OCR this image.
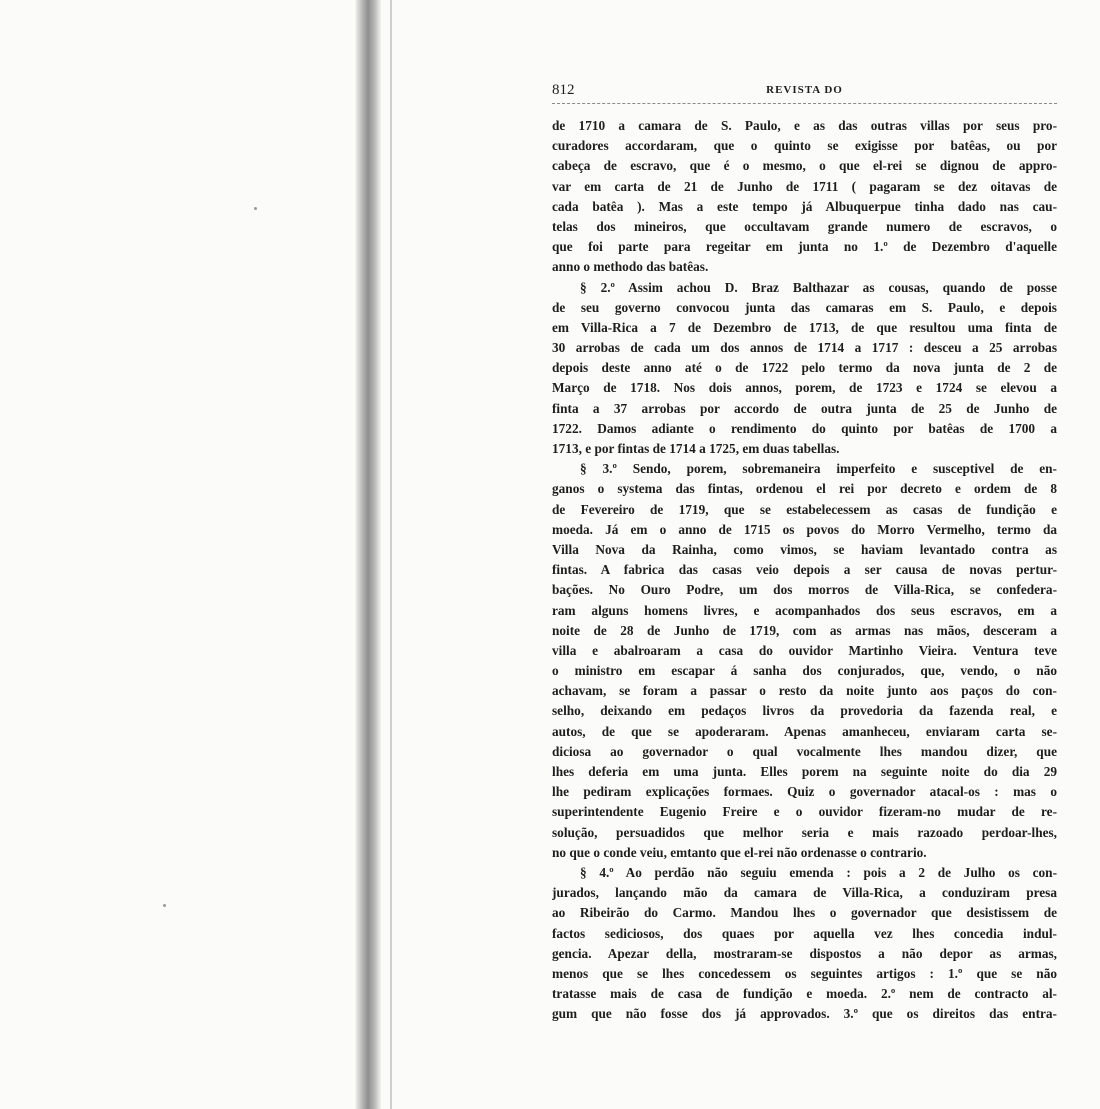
812	REVISTA DO
de 1710 a camara de S. Paulo, e as das outras villas por seus pro-
curadores accordaram, que o quinto se exigisse por batêas, ou por
cabeça de escravo, que é o mesmo, o que el-rei se dignou de appro-
var em carta de 21 de Junho de 1711 ( pagaram se dez oitavas de
cada batêa ). Mas a este tempo já Albuquerpue tinha dado nas cau-
telas dos mineiros, que occultavam grande numero de escravos, o
que foi parte para regeitar em junta no 1.º de Dezembro d'aquelle
anno o methodo das batêas.
§ 2.º Assim achou D. Braz Balthazar as cousas, quando de posse
de seu governo convocou junta das camaras em S. Paulo, e depois
em Villa-Rica a 7 de Dezembro de 1713, de que resultou uma finta de
30 arrobas de cada um dos annos de 1714 a 1717 : desceu a 25 arrobas
depois deste anno até o de 1722 pelo termo da nova junta de 2 de
Março de 1718. Nos dois annos, porem, de 1723 e 1724 se elevou a
finta a 37 arrobas por accordo de outra junta de 25 de Junho de
1722. Damos adiante o rendimento do quinto por batêas de 1700 a
1713, e por fintas de 1714 a 1725, em duas tabellas.
§ 3.º Sendo, porem, sobremaneira imperfeito e susceptivel de en-
ganos o systema das fintas, ordenou el rei por decreto e ordem de 8
de Fevereiro de 1719, que se estabelecessem as casas de fundição e
moeda. Já em o anno de 1715 os povos do Morro Vermelho, termo da
Villa Nova da Rainha, como vimos, se haviam levantado contra as
fintas. A fabrica das casas veio depois a ser causa de novas pertur-
bações. No Ouro Podre, um dos morros de Villa-Rica, se confedera-
ram alguns homens livres, e acompanhados dos seus escravos, em a
noite de 28 de Junho de 1719, com as armas nas mãos, desceram a
villa e abalroaram a casa do ouvidor Martinho Vieira. Ventura teve
o ministro em escapar á sanha dos conjurados, que, vendo, o não
achavam, se foram a passar o resto da noite junto aos paços do con-
selho, deixando em pedaços livros da provedoria da fazenda real, e
autos, de que se apoderaram. Apenas amanheceu, enviaram carta se-
diciosa ao governador o qual vocalmente lhes mandou dizer, que
lhes deferia em uma junta. Elles porem na seguinte noite do dia 29
lhe pediram explicações formaes. Quiz o governador atacal-os : mas o
superintendente Eugenio Freire e o ouvidor fizeram-no mudar de re-
solução, persuadidos que melhor seria e mais razoado perdoar-lhes,
no que o conde veiu, emtanto que el-rei não ordenasse o contrario.
§ 4.º Ao perdão não seguiu emenda : pois a 2 de Julho os con-
jurados, lançando mão da camara de Villa-Rica, a conduziram presa
ao Ribeirão do Carmo. Mandou lhes o governador que desistissem de
factos sediciosos, dos quaes por aquella vez lhes concedia indul-
gencia. Apezar della, mostraram-se dispostos a não depor as armas,
menos que se lhes concedessem os seguintes artigos : 1.º que se não
tratasse mais de casa de fundição e moeda. 2.º nem de contracto al-
gum que não fosse dos já approvados. 3.º que os direitos das entra-
